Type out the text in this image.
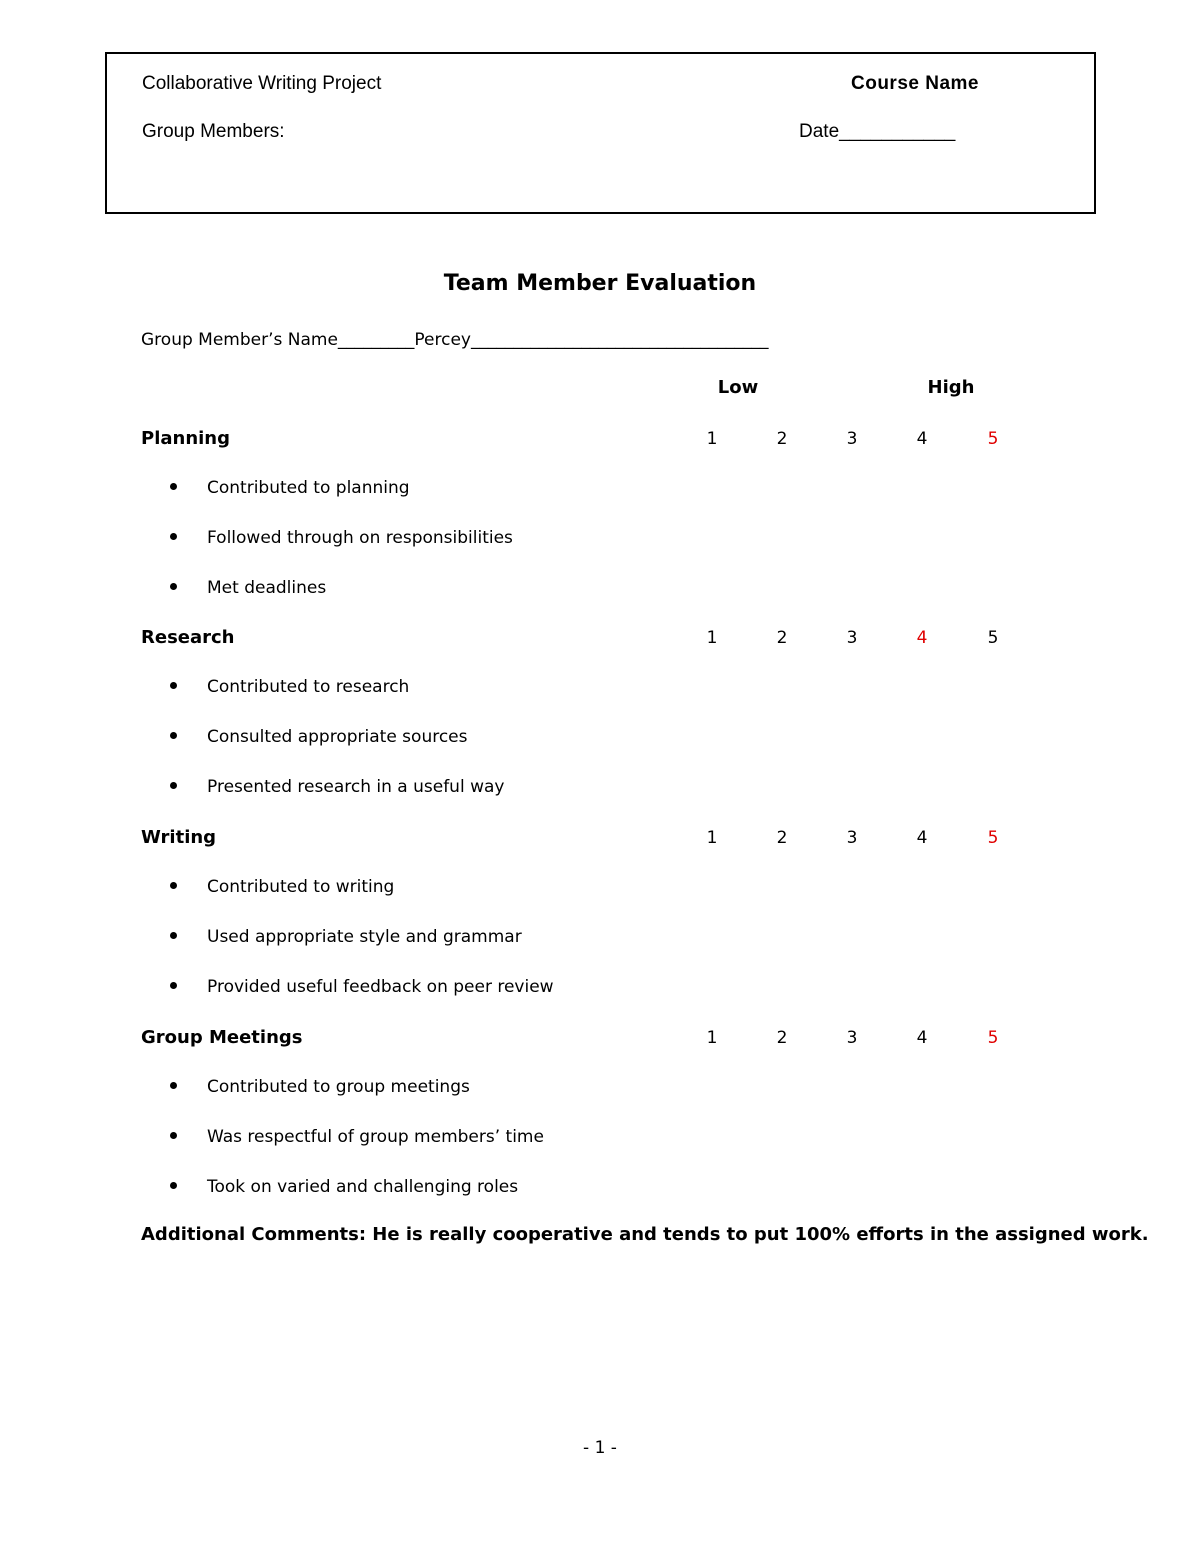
Collaborative Writing Project	Course Name
Group Members:	Date___________
Team Member Evaluation
Group Member’s Name_________Percey___________________________________
Low	High
Planning	1	2	3	4	5
Contributed to planning
Followed through on responsibilities
Met deadlines
Research	1	2	3	4	5
Contributed to research
Consulted appropriate sources
Presented research in a useful way
Writing	1	2	3	4	5
Contributed to writing
Used appropriate style and grammar
Provided useful feedback on peer review
Group Meetings	1	2	3	4	5
Contributed to group meetings
Was respectful of group members’ time
Took on varied and challenging roles
Additional Comments: He is really cooperative and tends to put 100% efforts in the assigned work.
- 1 -
